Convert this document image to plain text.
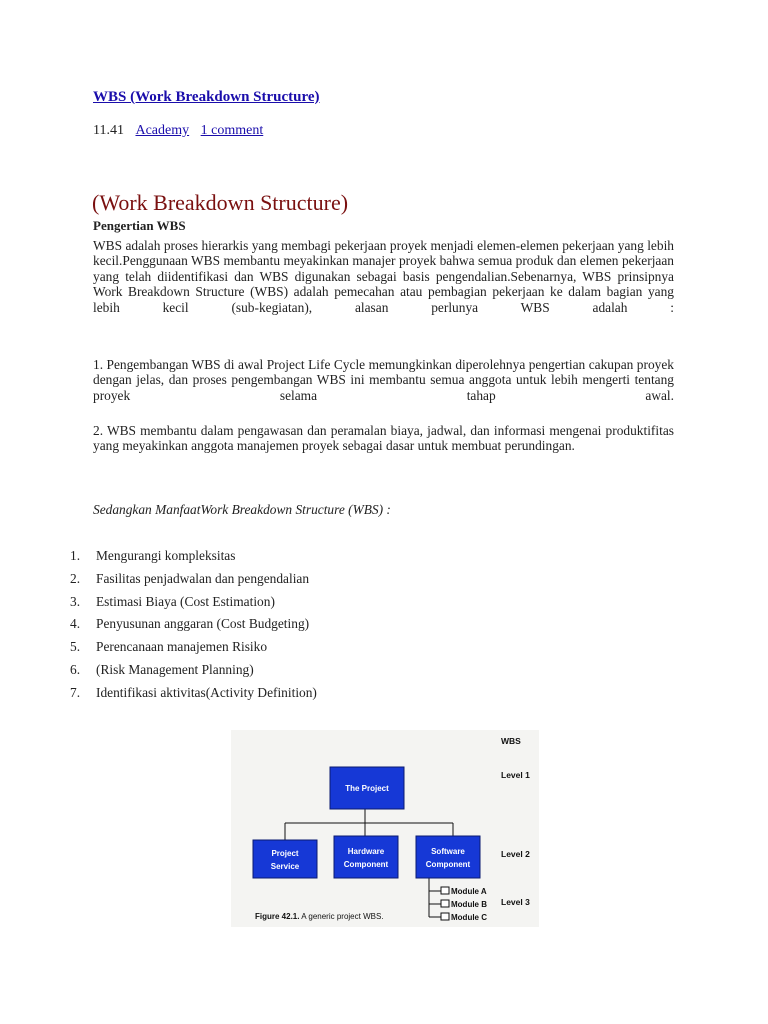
WBS (Work Breakdown Structure)
11.41 Academy 1 comment
(Work Breakdown Structure)
Pengertian WBS

WBS adalah proses hierarkis yang membagi pekerjaan proyek menjadi elemen-elemen pekerjaan yang lebih kecil.Penggunaan WBS membantu meyakinkan manajer proyek bahwa semua produk dan elemen pekerjaan yang telah diidentifikasi dan WBS digunakan sebagai basis pengendalian.Sebenarnya, WBS prinsipnya Work Breakdown Structure (WBS) adalah pemecahan atau pembagian pekerjaan ke dalam bagian yang lebih kecil (sub-kegiatan), alasan perlunya WBS adalah :

1. Pengembangan WBS di awal Project Life Cycle memungkinkan diperolehnya pengertian cakupan proyek dengan jelas, dan proses pengembangan WBS ini membantu semua anggota untuk lebih mengerti tentang proyek selama tahap awal.

2. WBS membantu dalam pengawasan dan peramalan biaya, jadwal, dan informasi mengenai produktifitas yang meyakinkan anggota manajemen proyek sebagai dasar untuk membuat perundingan.

Sedangkan ManfaatWork Breakdown Structure (WBS) :
1. Mengurangi kompleksitas
2. Fasilitas penjadwalan dan pengendalian
3. Estimasi Biaya (Cost Estimation)
4. Penyusunan anggaran (Cost Budgeting)
5. Perencanaan manajemen Risiko
6. (Risk Management Planning)
7. Identifikasi aktivitas(Activity Definition)
WBS
Level 1
Level 2
Level 3
The Project
Project
Service
Hardware
Component
Software
Component
Module A
Module B
Module C
Figure 42.1. A generic project WBS.
